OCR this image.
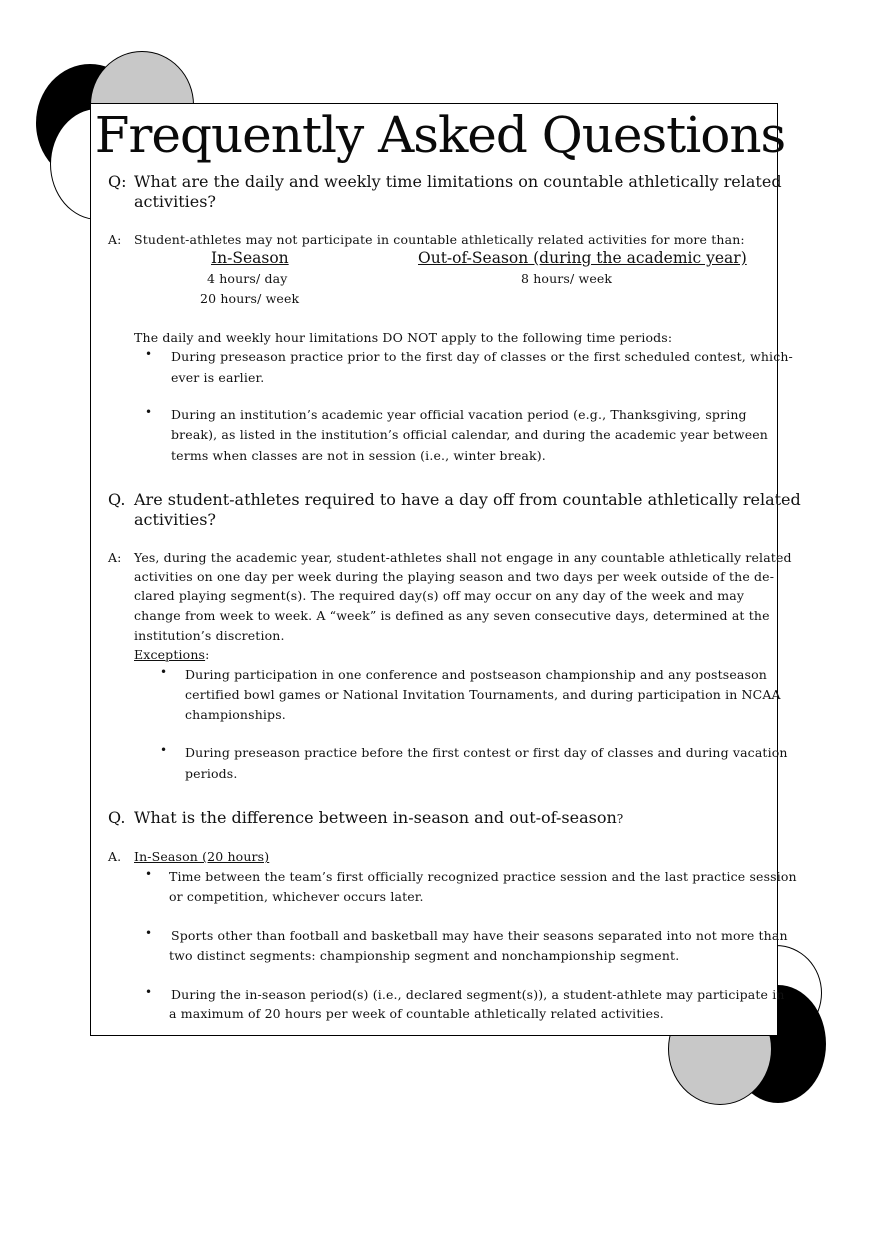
Frequently Asked Questions
Q: What are the daily and weekly time limitations on countable athletically related
activities?
A: Student-athletes may not participate in countable athletically related activities for more than:
In-Season	Out-of-Season (during the academic year)
4 hours/ day	8 hours/ week
20 hours/ week
The daily and weekly hour limitations DO NOT apply to the following time periods:
• During preseason practice prior to the first day of classes or the first scheduled contest, which-
ever is earlier.
• During an institution’s academic year official vacation period (e.g., Thanksgiving, spring
break), as listed in the institution’s official calendar, and during the academic year between
terms when classes are not in session (i.e., winter break).
Q. Are student-athletes required to have a day off from countable athletically related
activities?
A: Yes, during the academic year, student-athletes shall not engage in any countable athletically related
activities on one day per week during the playing season and two days per week outside of the de-
clared playing segment(s). The required day(s) off may occur on any day of the week and may
change from week to week. A “week” is defined as any seven consecutive days, determined at the
institution’s discretion.
Exceptions:
• During participation in one conference and postseason championship and any postseason
certified bowl games or National Invitation Tournaments, and during participation in NCAA
championships.
• During preseason practice before the first contest or first day of classes and during vacation
periods.
Q. What is the difference between in-season and out-of-season?
A. In-Season (20 hours)
• Time between the team’s first officially recognized practice session and the last practice session
or competition, whichever occurs later.
• Sports other than football and basketball may have their seasons separated into not more than
two distinct segments: championship segment and nonchampionship segment.
• During the in-season period(s) (i.e., declared segment(s)), a student-athlete may participate in
a maximum of 20 hours per week of countable athletically related activities.
